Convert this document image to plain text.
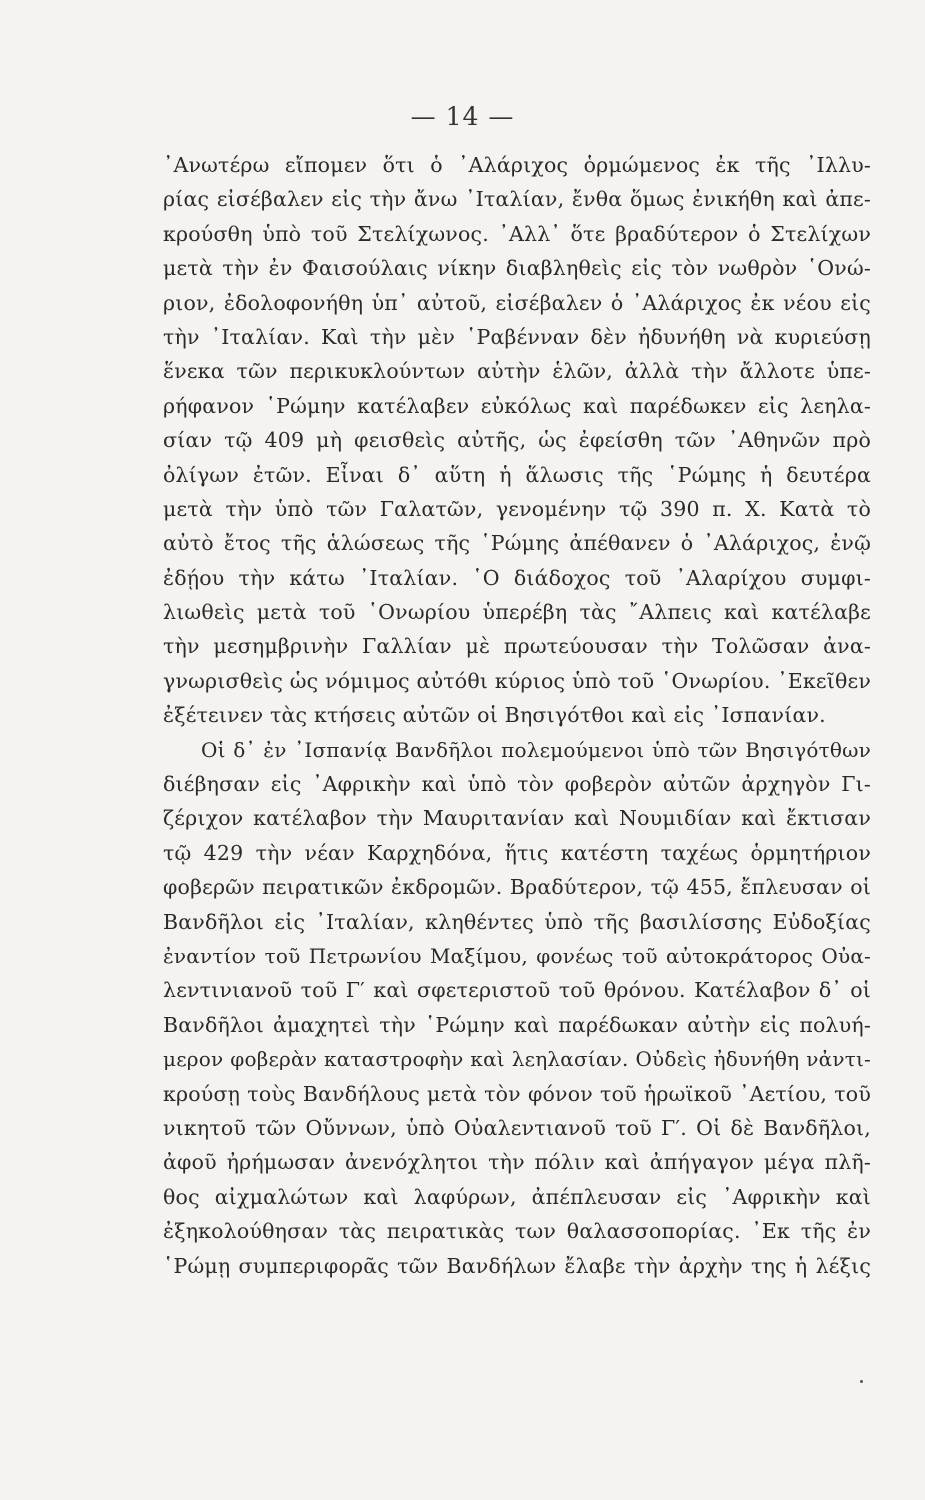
— 14 —
᾽Ανωτέρω εἴπομεν ὅτι ὁ ᾽Αλάριχος ὁρμώμενος ἐκ τῆς ᾽Ιλλυ-
ρίας εἰσέβαλεν εἰς τὴν ἄνω ᾽Ιταλίαν, ἔνθα ὅμως ἐνικήθη καὶ ἀπε-
κρούσθη ὑπὸ τοῦ Στελίχωνος. ᾽Αλλ᾽ ὅτε βραδύτερον ὁ Στελίχων
μετὰ τὴν ἐν Φαισούλαις νίκην διαβληθεὶς εἰς τὸν νωθρὸν ῾Ονώ-
ριον, ἐδολοφονήθη ὑπ᾽ αὐτοῦ, εἰσέβαλεν ὁ ᾽Αλάριχος ἐκ νέου εἰς
τὴν ᾽Ιταλίαν. Καὶ τὴν μὲν ῾Ραβένναν δὲν ἠδυνήθη νὰ κυριεύσῃ
ἕνεκα τῶν περικυκλούντων αὐτὴν ἑλῶν, ἀλλὰ τὴν ἄλλοτε ὑπε-
ρήφανον ῾Ρώμην κατέλαβεν εὐκόλως καὶ παρέδωκεν εἰς λεηλα-
σίαν τῷ 409 μὴ φεισθεὶς αὐτῆς, ὡς ἐφείσθη τῶν ᾽Αθηνῶν πρὸ
ὀλίγων ἐτῶν. Εἶναι δ᾽ αὕτη ἡ ἅλωσις τῆς ῾Ρώμης ἡ δευτέρα
μετὰ τὴν ὑπὸ τῶν Γαλατῶν, γενομένην τῷ 390 π. Χ. Κατὰ τὸ
αὐτὸ ἔτος τῆς ἁλώσεως τῆς ῾Ρώμης ἀπέθανεν ὁ ᾽Αλάριχος, ἐνῷ
ἐδῄου τὴν κάτω ᾽Ιταλίαν. ῾Ο διάδοχος τοῦ ᾽Αλαρίχου συμφι-
λιωθεὶς μετὰ τοῦ ῾Ονωρίου ὑπερέβη τὰς ῎Αλπεις καὶ κατέλαβε
τὴν μεσημβρινὴν Γαλλίαν μὲ πρωτεύουσαν τὴν Τολῶσαν ἀνα-
γνωρισθεὶς ὡς νόμιμος αὐτόθι κύριος ὑπὸ τοῦ ῾Ονωρίου. ᾽Εκεῖθεν
ἐξέτεινεν τὰς κτήσεις αὐτῶν οἱ Βησιγότθοι καὶ εἰς ᾽Ισπανίαν.
Οἱ δ᾽ ἐν ᾽Ισπανίᾳ Βανδῆλοι πολεμούμενοι ὑπὸ τῶν Βησιγότθων
διέβησαν εἰς ᾽Αφρικὴν καὶ ὑπὸ τὸν φοβερὸν αὐτῶν ἀρχηγὸν Γι-
ζέριχον κατέλαβον τὴν Μαυριτανίαν καὶ Νουμιδίαν καὶ ἔκτισαν
τῷ 429 τὴν νέαν Καρχηδόνα, ἥτις κατέστη ταχέως ὁρμητήριον
φοβερῶν πειρατικῶν ἐκδρομῶν. Βραδύτερον, τῷ 455, ἔπλευσαν οἱ
Βανδῆλοι εἰς ᾽Ιταλίαν, κληθέντες ὑπὸ τῆς βασιλίσσης Εὐδοξίας
ἐναντίον τοῦ Πετρωνίου Μαξίμου, φονέως τοῦ αὐτοκράτορος Οὐα-
λεντινιανοῦ τοῦ Γ′ καὶ σφετεριστοῦ τοῦ θρόνου. Κατέλαβον δ᾽ οἱ
Βανδῆλοι ἀμαχητεὶ τὴν ῾Ρώμην καὶ παρέδωκαν αὐτὴν εἰς πολυή-
μερον φοβερὰν καταστροφὴν καὶ λεηλασίαν. Οὐδεὶς ἠδυνήθη νἀντι-
κρούσῃ τοὺς Βανδήλους μετὰ τὸν φόνον τοῦ ἡρωϊκοῦ ᾽Αετίου, τοῦ
νικητοῦ τῶν Οὔννων, ὑπὸ Οὐαλεντιανοῦ τοῦ Γ′. Οἱ δὲ Βανδῆλοι,
ἀφοῦ ἠρήμωσαν ἀνενόχλητοι τὴν πόλιν καὶ ἀπήγαγον μέγα πλῆ-
θος αἰχμαλώτων καὶ λαφύρων, ἀπέπλευσαν εἰς ᾽Αφρικὴν καὶ
ἐξηκολούθησαν τὰς πειρατικὰς των θαλασσοπορίας. ᾽Εκ τῆς ἐν
῾Ρώμῃ συμπεριφορᾶς τῶν Βανδήλων ἔλαβε τὴν ἀρχὴν της ἡ λέξις
